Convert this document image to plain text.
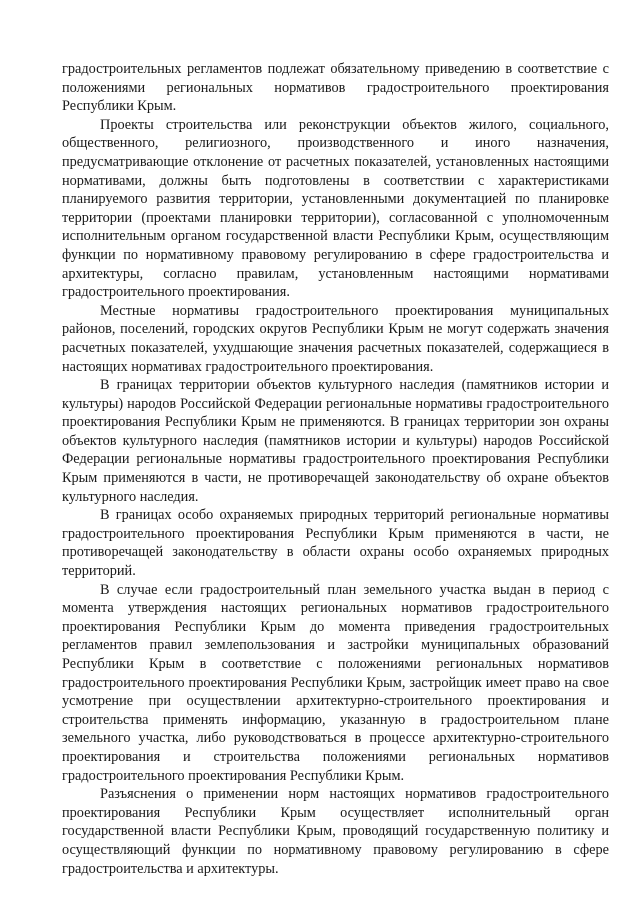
градостроительных регламентов подлежат обязательному приведению в соответствие с положениями региональных нормативов градостроительного проектирования Республики Крым.

Проекты строительства или реконструкции объектов жилого, социального, общественного, религиозного, производственного и иного назначения, предусматривающие отклонение от расчетных показателей, установленных настоящими нормативами, должны быть подготовлены в соответствии с характеристиками планируемого развития территории, установленными документацией по планировке территории (проектами планировки территории), согласованной с уполномоченным исполнительным органом государственной власти Республики Крым, осуществляющим функции по нормативному правовому регулированию в сфере градостроительства и архитектуры, согласно правилам, установленным настоящими нормативами градостроительного проектирования.

Местные нормативы градостроительного проектирования муниципальных районов, поселений, городских округов Республики Крым не могут содержать значения расчетных показателей, ухудшающие значения расчетных показателей, содержащиеся в настоящих нормативах градостроительного проектирования.

В границах территории объектов культурного наследия (памятников истории и культуры) народов Российской Федерации региональные нормативы градостроительного проектирования Республики Крым не применяются. В границах территории зон охраны объектов культурного наследия (памятников истории и культуры) народов Российской Федерации региональные нормативы градостроительного проектирования Республики Крым применяются в части, не противоречащей законодательству об охране объектов культурного наследия.

В границах особо охраняемых природных территорий региональные нормативы градостроительного проектирования Республики Крым применяются в части, не противоречащей законодательству в области охраны особо охраняемых природных территорий.

В случае если градостроительный план земельного участка выдан в период с момента утверждения настоящих региональных нормативов градостроительного проектирования Республики Крым до момента приведения градостроительных регламентов правил землепользования и застройки муниципальных образований Республики Крым в соответствие с положениями региональных нормативов градостроительного проектирования Республики Крым, застройщик имеет право на свое усмотрение при осуществлении архитектурно-строительного проектирования и строительства применять информацию, указанную в градостроительном плане земельного участка, либо руководствоваться в процессе архитектурно-строительного проектирования и строительства положениями региональных нормативов градостроительного проектирования Республики Крым.

Разъяснения о применении норм настоящих нормативов градостроительного проектирования Республики Крым осуществляет исполнительный орган государственной власти Республики Крым, проводящий государственную политику и осуществляющий функции по нормативному правовому регулированию в сфере градостроительства и архитектуры.
